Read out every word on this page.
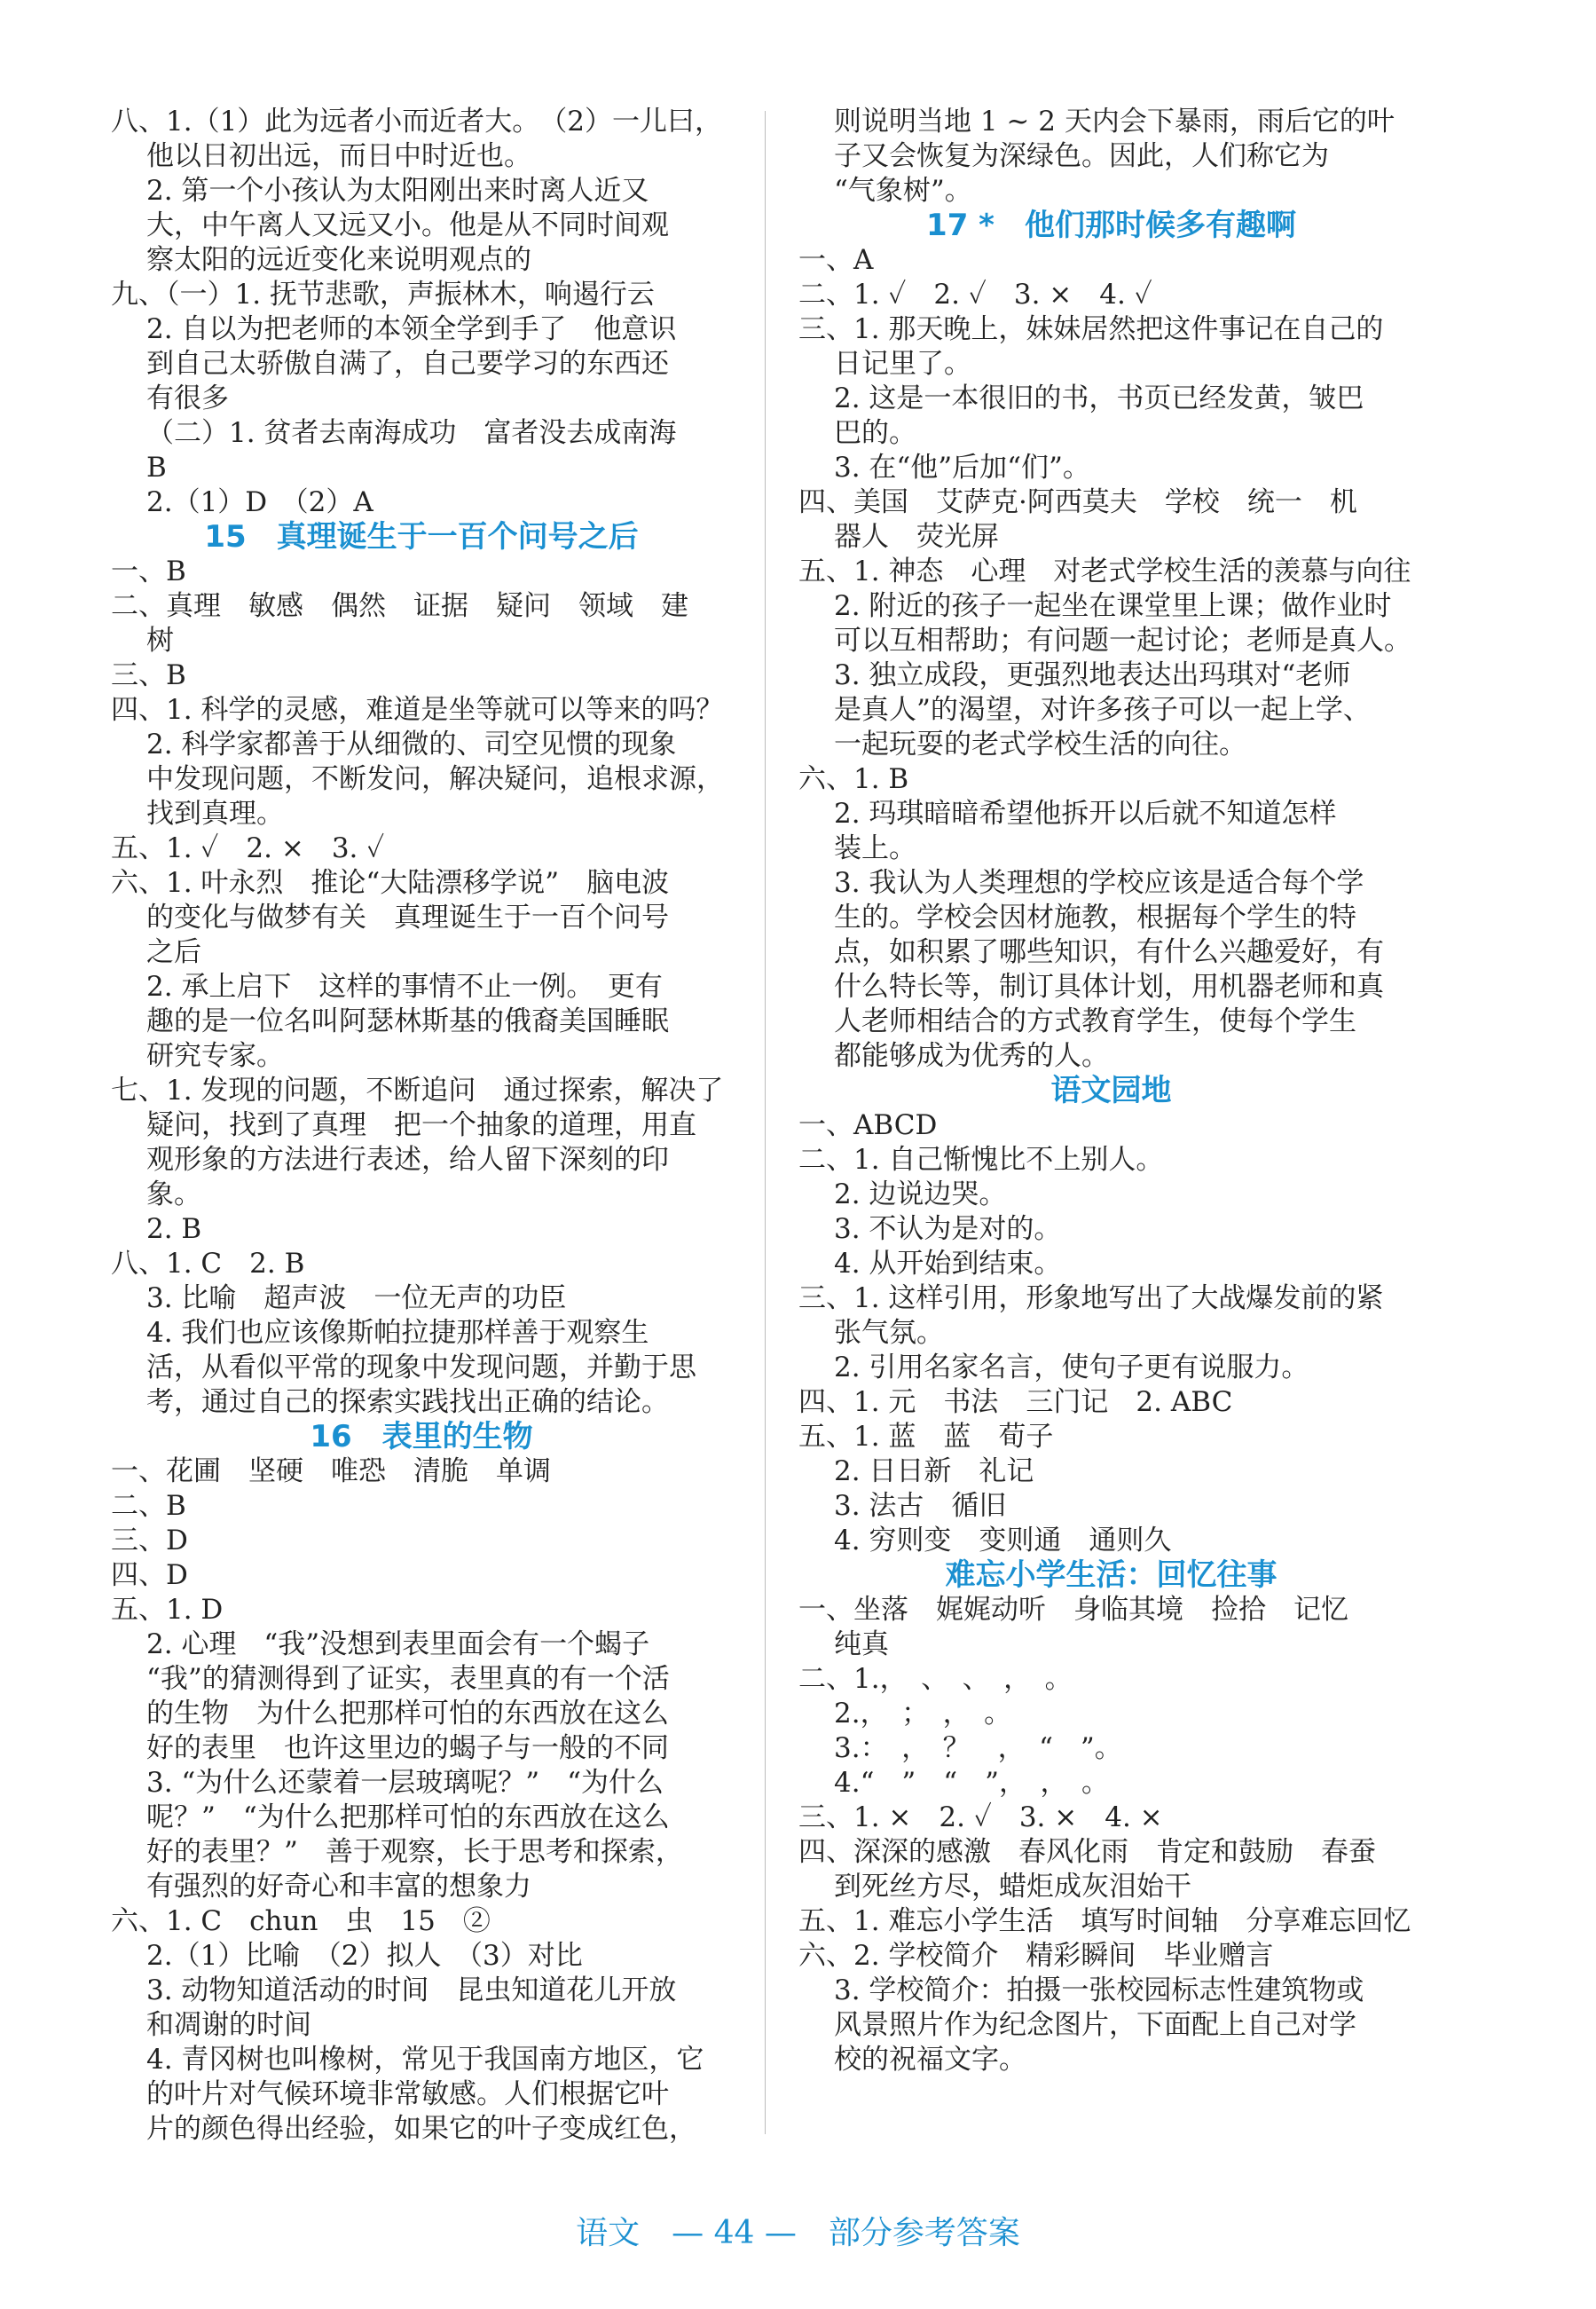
八、1.（1）此为远者小而近者大。　（2）一儿曰，
他以日初出远，而日中时近也。
2. 第一个小孩认为太阳刚出来时离人近又
大，中午离人又远又小。他是从不同时间观
察太阳的远近变化来说明观点的
九、（一）1. 抚节悲歌，声振林木，响遏行云
2. 自以为把老师的本领全学到手了　他意识
到自己太骄傲自满了，自己要学习的东西还
有很多
（二）1. 贫者去南海成功　富者没去成南海
B
2.（1）D　（2）A
15　真理诞生于一百个问号之后
一、B
二、真理　敏感　偶然　证据　疑问　领域　建
树
三、B
四、1. 科学的灵感，难道是坐等就可以等来的吗？
2. 科学家都善于从细微的、司空见惯的现象
中发现问题，不断发问，解决疑问，追根求源，
找到真理。
五、1. ✓　2. ×　3. ✓
六、1. 叶永烈　推论“大陆漂移学说”　脑电波
的变化与做梦有关　真理诞生于一百个问号
之后
2. 承上启下　这样的事情不止一例。　更有
趣的是一位名叫阿瑟林斯基的俄裔美国睡眠
研究专家。
七、1. 发现的问题，不断追问　通过探索，解决了
疑问，找到了真理　把一个抽象的道理，用直
观形象的方法进行表述，给人留下深刻的印
象。
2. B
八、1. C　2. B
3. 比喻　超声波　一位无声的功臣
4. 我们也应该像斯帕拉捷那样善于观察生
活，从看似平常的现象中发现问题，并勤于思
考，通过自己的探索实践找出正确的结论。
16　表里的生物
一、花圃　坚硬　唯恐　清脆　单调
二、B
三、D
四、D
五、1. D
2. 心理　“我”没想到表里面会有一个蝎子
“我”的猜测得到了证实，表里真的有一个活
的生物　为什么把那样可怕的东西放在这么
好的表里　也许这里边的蝎子与一般的不同
3. “为什么还蒙着一层玻璃呢？”　“为什么
呢？”　“为什么把那样可怕的东西放在这么
好的表里？”　善于观察，长于思考和探索，
有强烈的好奇心和丰富的想象力
六、1. C　chun　虫　15　②
2.（1）比喻　（2）拟人　（3）对比
3. 动物知道活动的时间　昆虫知道花儿开放
和凋谢的时间
4. 青冈树也叫橡树，常见于我国南方地区，它
的叶片对气候环境非常敏感。人们根据它叶
片的颜色得出经验，如果它的叶子变成红色，
则说明当地 1 ~ 2 天内会下暴雨，雨后它的叶
子又会恢复为深绿色。因此，人们称它为
“气象树”。
17 *　他们那时候多有趣啊
一、A
二、1. ✓　2. ✓　3. ×　4. ✓
三、1. 那天晚上，妹妹居然把这件事记在自己的
日记里了。
2. 这是一本很旧的书，书页已经发黄，皱巴
巴的。
3. 在“他”后加“们”。
四、美国　艾萨克·阿西莫夫　学校　统一　机
器人　荧光屏
五、1. 神态　心理　对老式学校生活的羡慕与向往
2. 附近的孩子一起坐在课堂里上课；做作业时
可以互相帮助；有问题一起讨论；老师是真人。
3. 独立成段，更强烈地表达出玛琪对“老师
是真人”的渴望，对许多孩子可以一起上学、
一起玩耍的老式学校生活的向往。
六、1. B
2. 玛琪暗暗希望他拆开以后就不知道怎样
装上。
3. 我认为人类理想的学校应该是适合每个学
生的。学校会因材施教，根据每个学生的特
点，如积累了哪些知识，有什么兴趣爱好，有
什么特长等，制订具体计划，用机器老师和真
人老师相结合的方式教育学生，使每个学生
都能够成为优秀的人。
语文园地
一、ABCD
二、1. 自己惭愧比不上别人。
2. 边说边哭。
3. 不认为是对的。
4. 从开始到结束。
三、1. 这样引用，形象地写出了大战爆发前的紧
张气氛。
2. 引用名家名言，使句子更有说服力。
四、1. 元　书法　三门记　2. ABC
五、1. 蓝　蓝　荀子
2. 日日新　礼记
3. 法古　循旧
4. 穷则变　变则通　通则久
难忘小学生活：回忆往事
一、坐落　娓娓动听　身临其境　捡拾　记忆
纯真
二、1.，　、　、　，　。
2.，　；　，　。
3.：　，　？　，　“　”。
4.“　”　“　”，　，　。
三、1. ×　2. ✓　3. ×　4. ×
四、深深的感激　春风化雨　肯定和鼓励　春蚕
到死丝方尽，蜡炬成灰泪始干
五、1. 难忘小学生活　填写时间轴　分享难忘回忆
六、2. 学校简介　精彩瞬间　毕业赠言
3. 学校简介：拍摄一张校园标志性建筑物或
风景照片作为纪念图片，下面配上自己对学
校的祝福文字。
语文　— 44 —　部分参考答案
